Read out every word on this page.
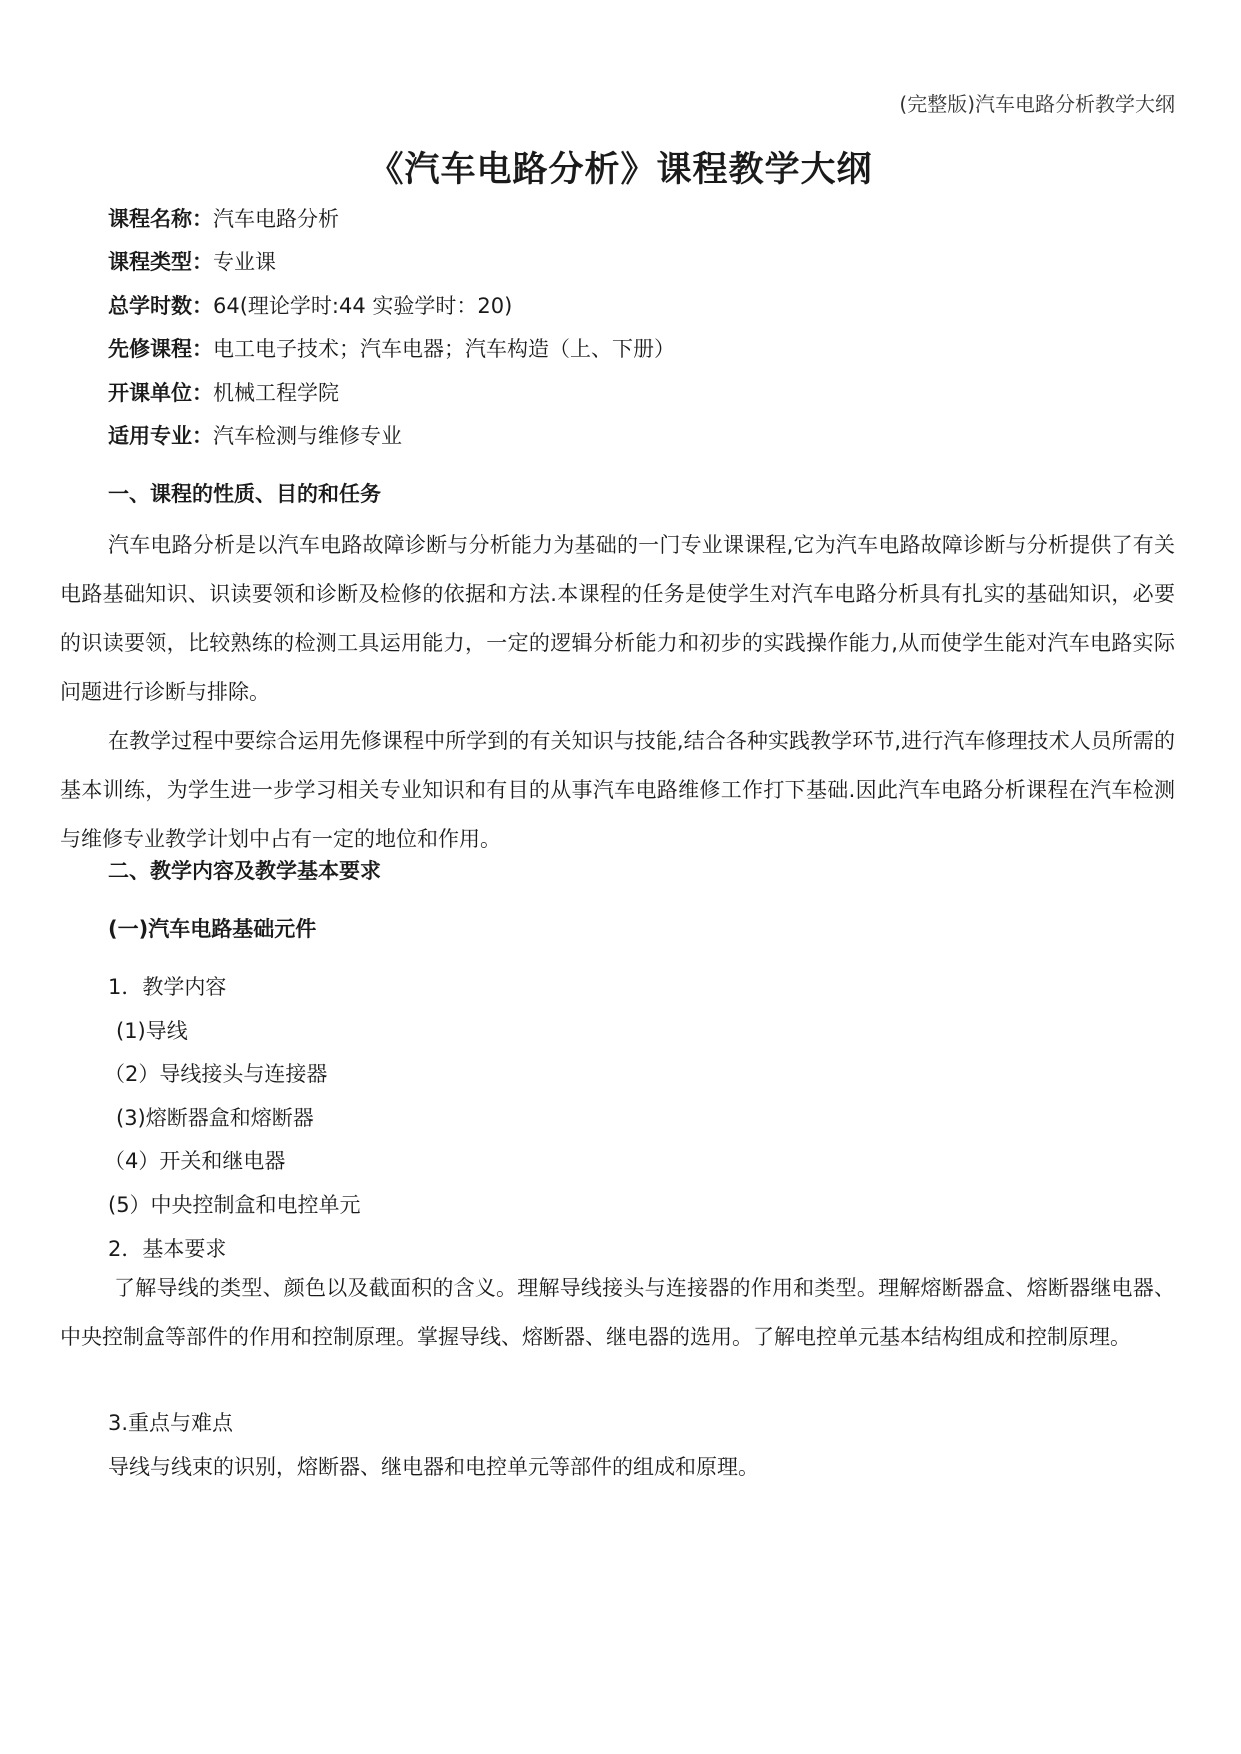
(完整版)汽车电路分析教学大纲
《汽车电路分析》课程教学大纲
课程名称：汽车电路分析
课程类型：专业课
总学时数：64(理论学时:44 实验学时：20)
先修课程：电工电子技术；汽车电器；汽车构造（上、下册）
开课单位：机械工程学院
适用专业：汽车检测与维修专业
一、课程的性质、目的和任务

汽车电路分析是以汽车电路故障诊断与分析能力为基础的一门专业课课程,它为汽车电路故障诊断与分析提供了有关电路基础知识、识读要领和诊断及检修的依据和方法.本课程的任务是使学生对汽车电路分析具有扎实的基础知识，必要的识读要领，比较熟练的检测工具运用能力，一定的逻辑分析能力和初步的实践操作能力,从而使学生能对汽车电路实际问题进行诊断与排除。

在教学过程中要综合运用先修课程中所学到的有关知识与技能,结合各种实践教学环节,进行汽车修理技术人员所需的基本训练，为学生进一步学习相关专业知识和有目的从事汽车电路维修工作打下基础.因此汽车电路分析课程在汽车检测与维修专业教学计划中占有一定的地位和作用。

二、教学内容及教学基本要求
(一)汽车电路基础元件
1．教学内容
(1)导线
（2）导线接头与连接器
(3)熔断器盒和熔断器
（4）开关和继电器
(5）中央控制盒和电控单元
2．基本要求

了解导线的类型、颜色以及截面积的含义。理解导线接头与连接器的作用和类型。理解熔断器盒、熔断器继电器、中央控制盒等部件的作用和控制原理。掌握导线、熔断器、继电器的选用。了解电控单元基本结构组成和控制原理。

3.重点与难点
导线与线束的识别，熔断器、继电器和电控单元等部件的组成和原理。
